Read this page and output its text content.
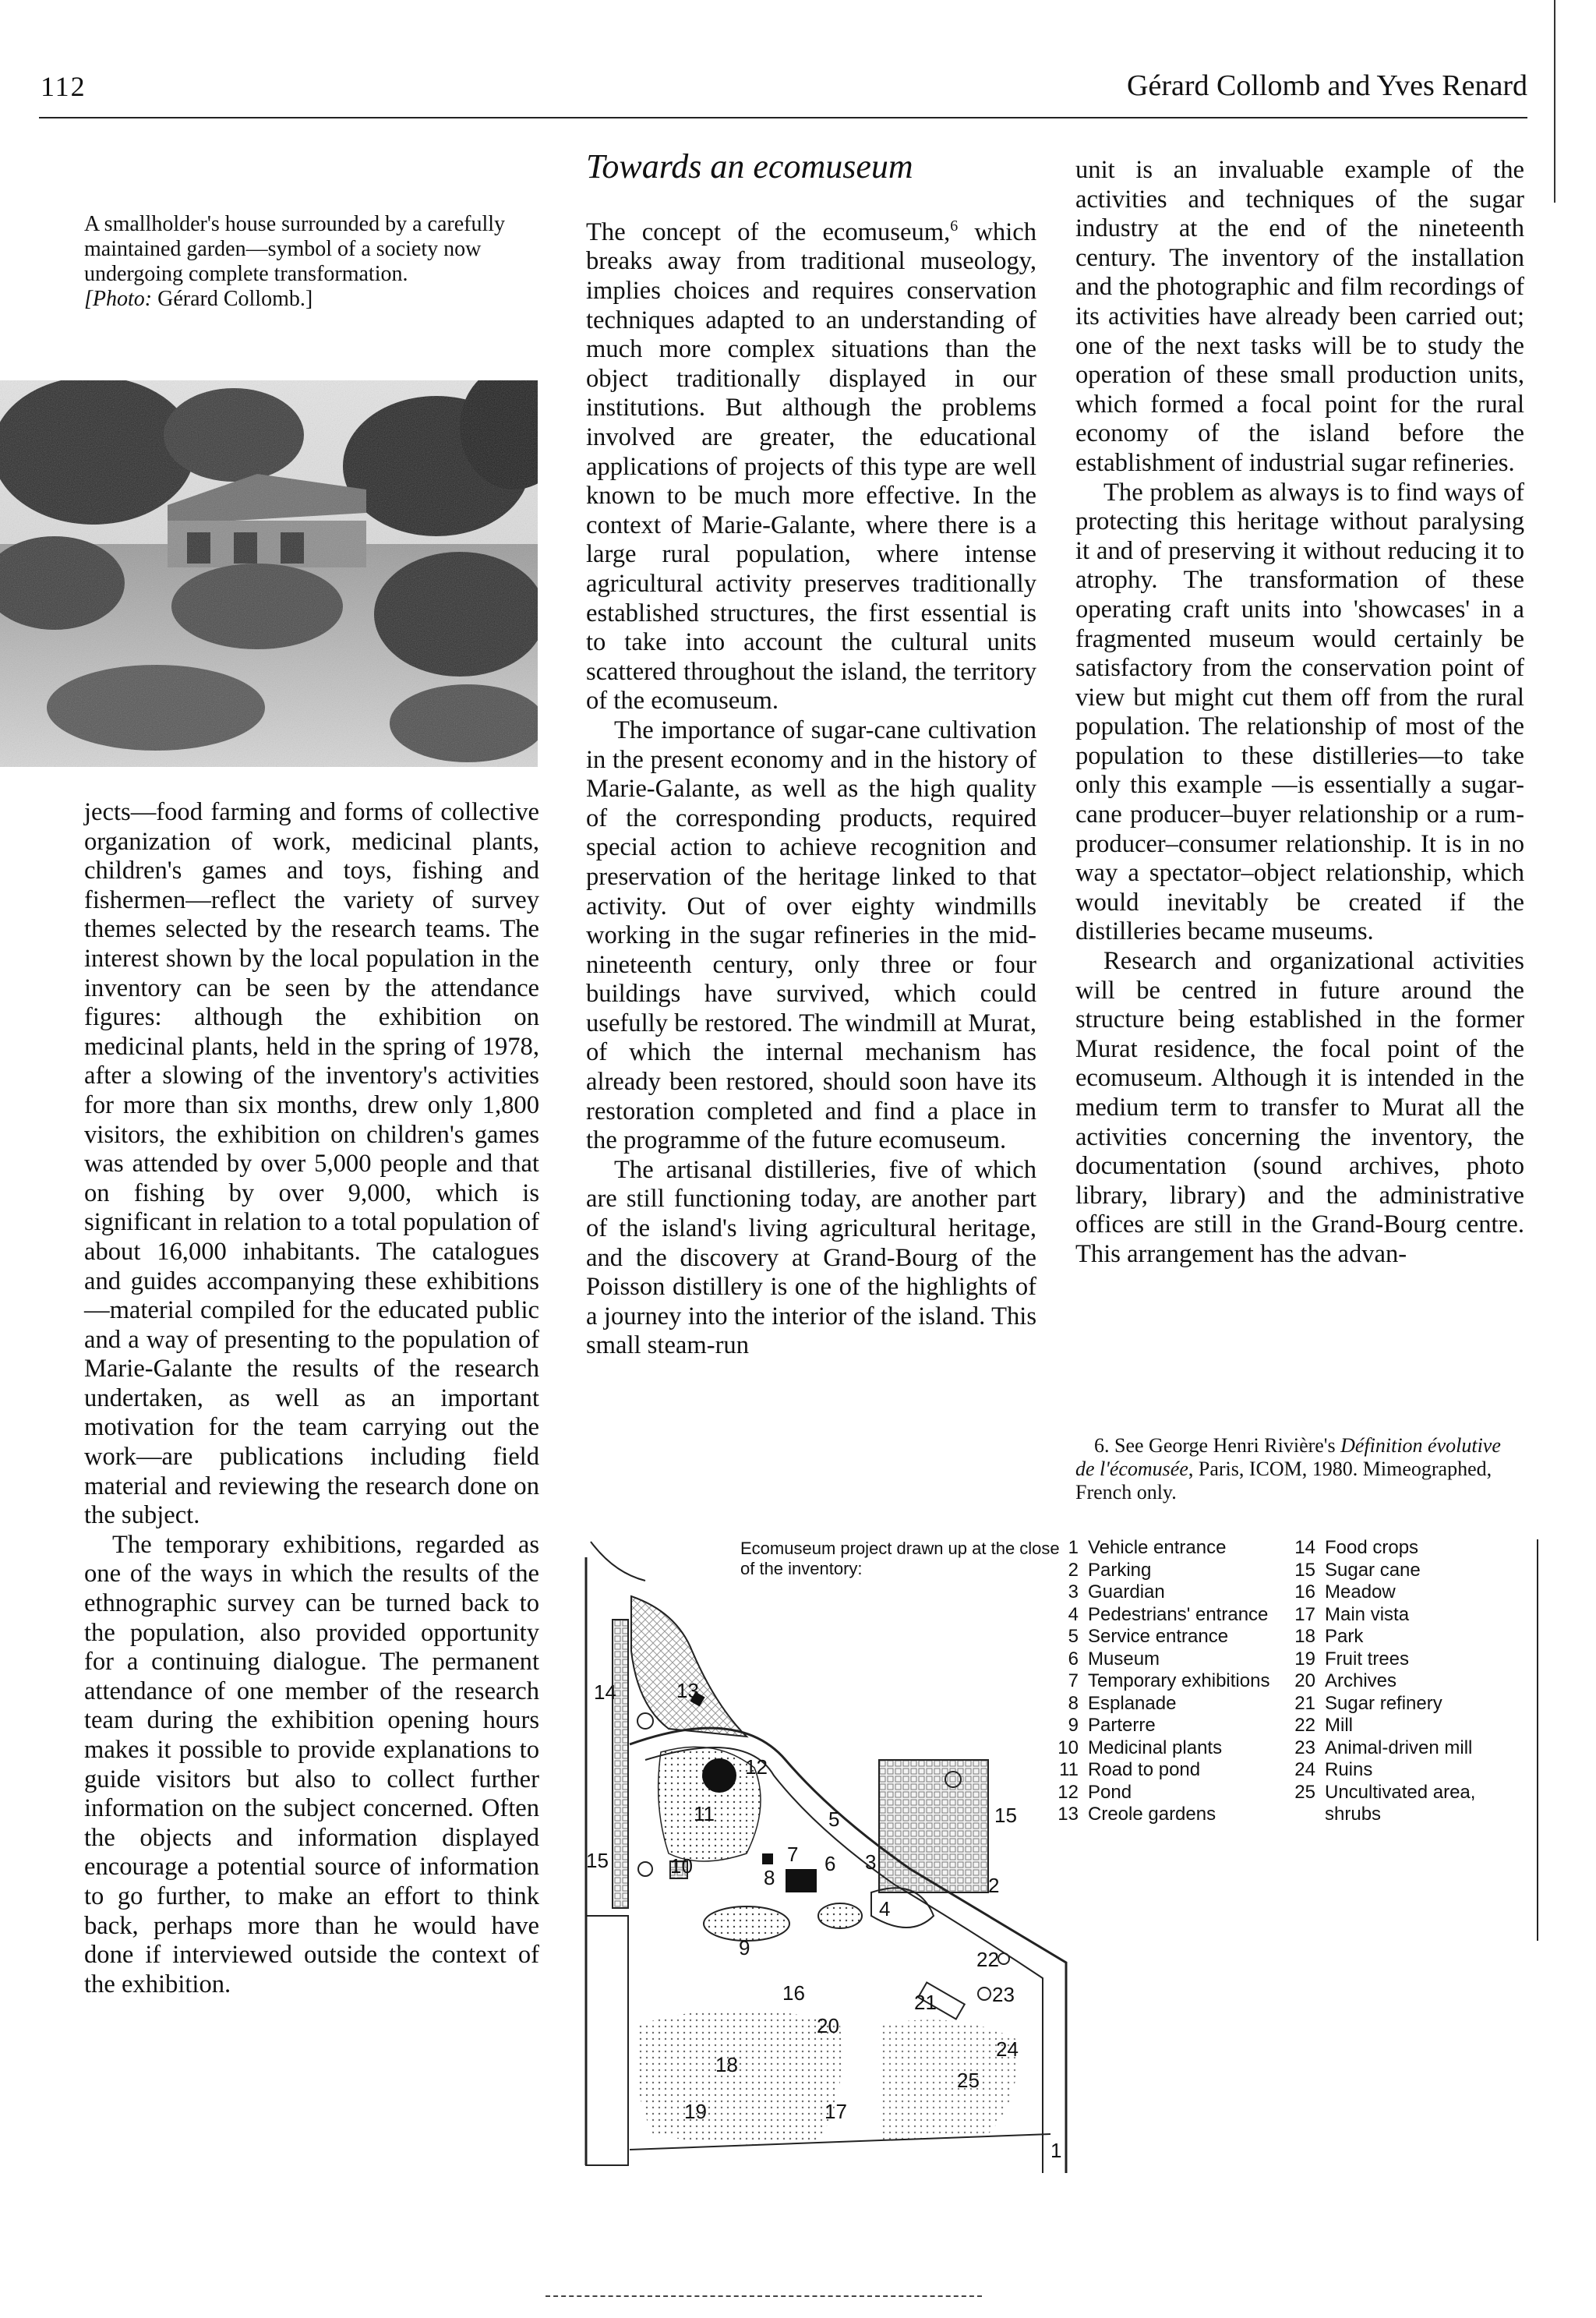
112	Gérard Collomb and Yves Renard

A smallholder's house surrounded by a carefully maintained garden—symbol of a society now undergoing complete transformation.

[Photo: Gérard Collomb.]

jects—food farming and forms of collective organization of work, medicinal plants, children's games and toys, fishing and fishermen—reflect the variety of survey themes selected by the research teams. The interest shown by the local population in the inventory can be seen by the attendance figures: although the exhibition on medicinal plants, held in the spring of 1978, after a slowing of the inventory's activities for more than six months, drew only 1,800 visitors, the exhibition on children's games was attended by over 5,000 people and that on fishing by over 9,000, which is significant in relation to a total population of about 16,000 inhabitants. The catalogues and guides accompanying these exhibitions —material compiled for the educated public and a way of presenting to the population of Marie-Galante the results of the research undertaken, as well as an important motivation for the team carrying out the work—are publications including field material and reviewing the research done on the subject.

The temporary exhibitions, regarded as one of the ways in which the results of the ethnographic survey can be turned back to the population, also provided opportunity for a continuing dialogue. The permanent attendance of one member of the research team during the exhibition opening hours makes it possible to provide explanations to guide visitors but also to collect further information on the subject concerned. Often the objects and information displayed encourage a potential source of information to go further, to make an effort to think back, perhaps more than he would have done if interviewed outside the context of the exhibition.

Towards an ecomuseum

The concept of the ecomuseum,$^6$ which breaks away from traditional museology, implies choices and requires conservation techniques adapted to an understanding of much more complex situations than the object traditionally displayed in our institutions. But although the problems involved are greater, the educational applications of projects of this type are well known to be much more effective. In the context of Marie-Galante, where there is a large rural population, where intense agricultural activity preserves traditionally established structures, the first essential is to take into account the cultural units scattered throughout the island, the territory of the ecomuseum.

The importance of sugar-cane cultivation in the present economy and in the history of Marie-Galante, as well as the high quality of the corresponding products, required special action to achieve recognition and preservation of the heritage linked to that activity. Out of over eighty windmills working in the sugar refineries in the mid-nineteenth century, only three or four buildings have survived, which could usefully be restored. The windmill at Murat, of which the internal mechanism has already been restored, should soon have its restoration completed and find a place in the programme of the future ecomuseum.

The artisanal distilleries, five of which are still functioning today, are another part of the island's living agricultural heritage, and the discovery at Grand-Bourg of the Poisson distillery is one of the highlights of a journey into the interior of the island. This small steam-run

unit is an invaluable example of the activities and techniques of the sugar industry at the end of the nineteenth century. The inventory of the installation and the photographic and film recordings of its activities have already been carried out; one of the next tasks will be to study the operation of these small production units, which formed a focal point for the rural economy of the island before the establishment of industrial sugar refineries.

The problem as always is to find ways of protecting this heritage without paralysing it and of preserving it without reducing it to atrophy. The transformation of these operating craft units into 'showcases' in a fragmented museum would certainly be satisfactory from the conservation point of view but might cut them off from the rural population. The relationship of most of the population to these distilleries—to take only this example —is essentially a sugar-cane producer–buyer relationship or a rum-producer–consumer relationship. It is in no way a spectator–object relationship, which would inevitably be created if the distilleries became museums.

Research and organizational activities will be centred in future around the structure being established in the former Murat residence, the focal point of the ecomuseum. Although it is intended in the medium term to transfer to Murat all the activities concerning the inventory, the documentation (sound archives, photo library, library) and the administrative offices are still in the Grand-Bourg centre. This arrangement has the advan-

6. See George Henri Rivière's Définition évolutive de l'écomusée, Paris, ICOM, 1980. Mimeographed, French only.

1
2
3
4
5
6
7
8
9
10
11
12
13
14
15
15
16
17
18
19
20
21
22
23
24
25
Ecomuseum project drawn up at the close of the inventory:
1 Vehicle entrance
2 Parking
3 Guardian
4 Pedestrians' entrance
5 Service entrance
6 Museum
7 Temporary exhibitions
8 Esplanade
9 Parterre
10 Medicinal plants
11 Road to pond
12 Pond
13 Creole gardens
14 Food crops
15 Sugar cane
16 Meadow
17 Main vista
18 Park
19 Fruit trees
20 Archives
21 Sugar refinery
22 Mill
23 Animal-driven mill
24 Ruins
25 Uncultivated area,
shrubs
